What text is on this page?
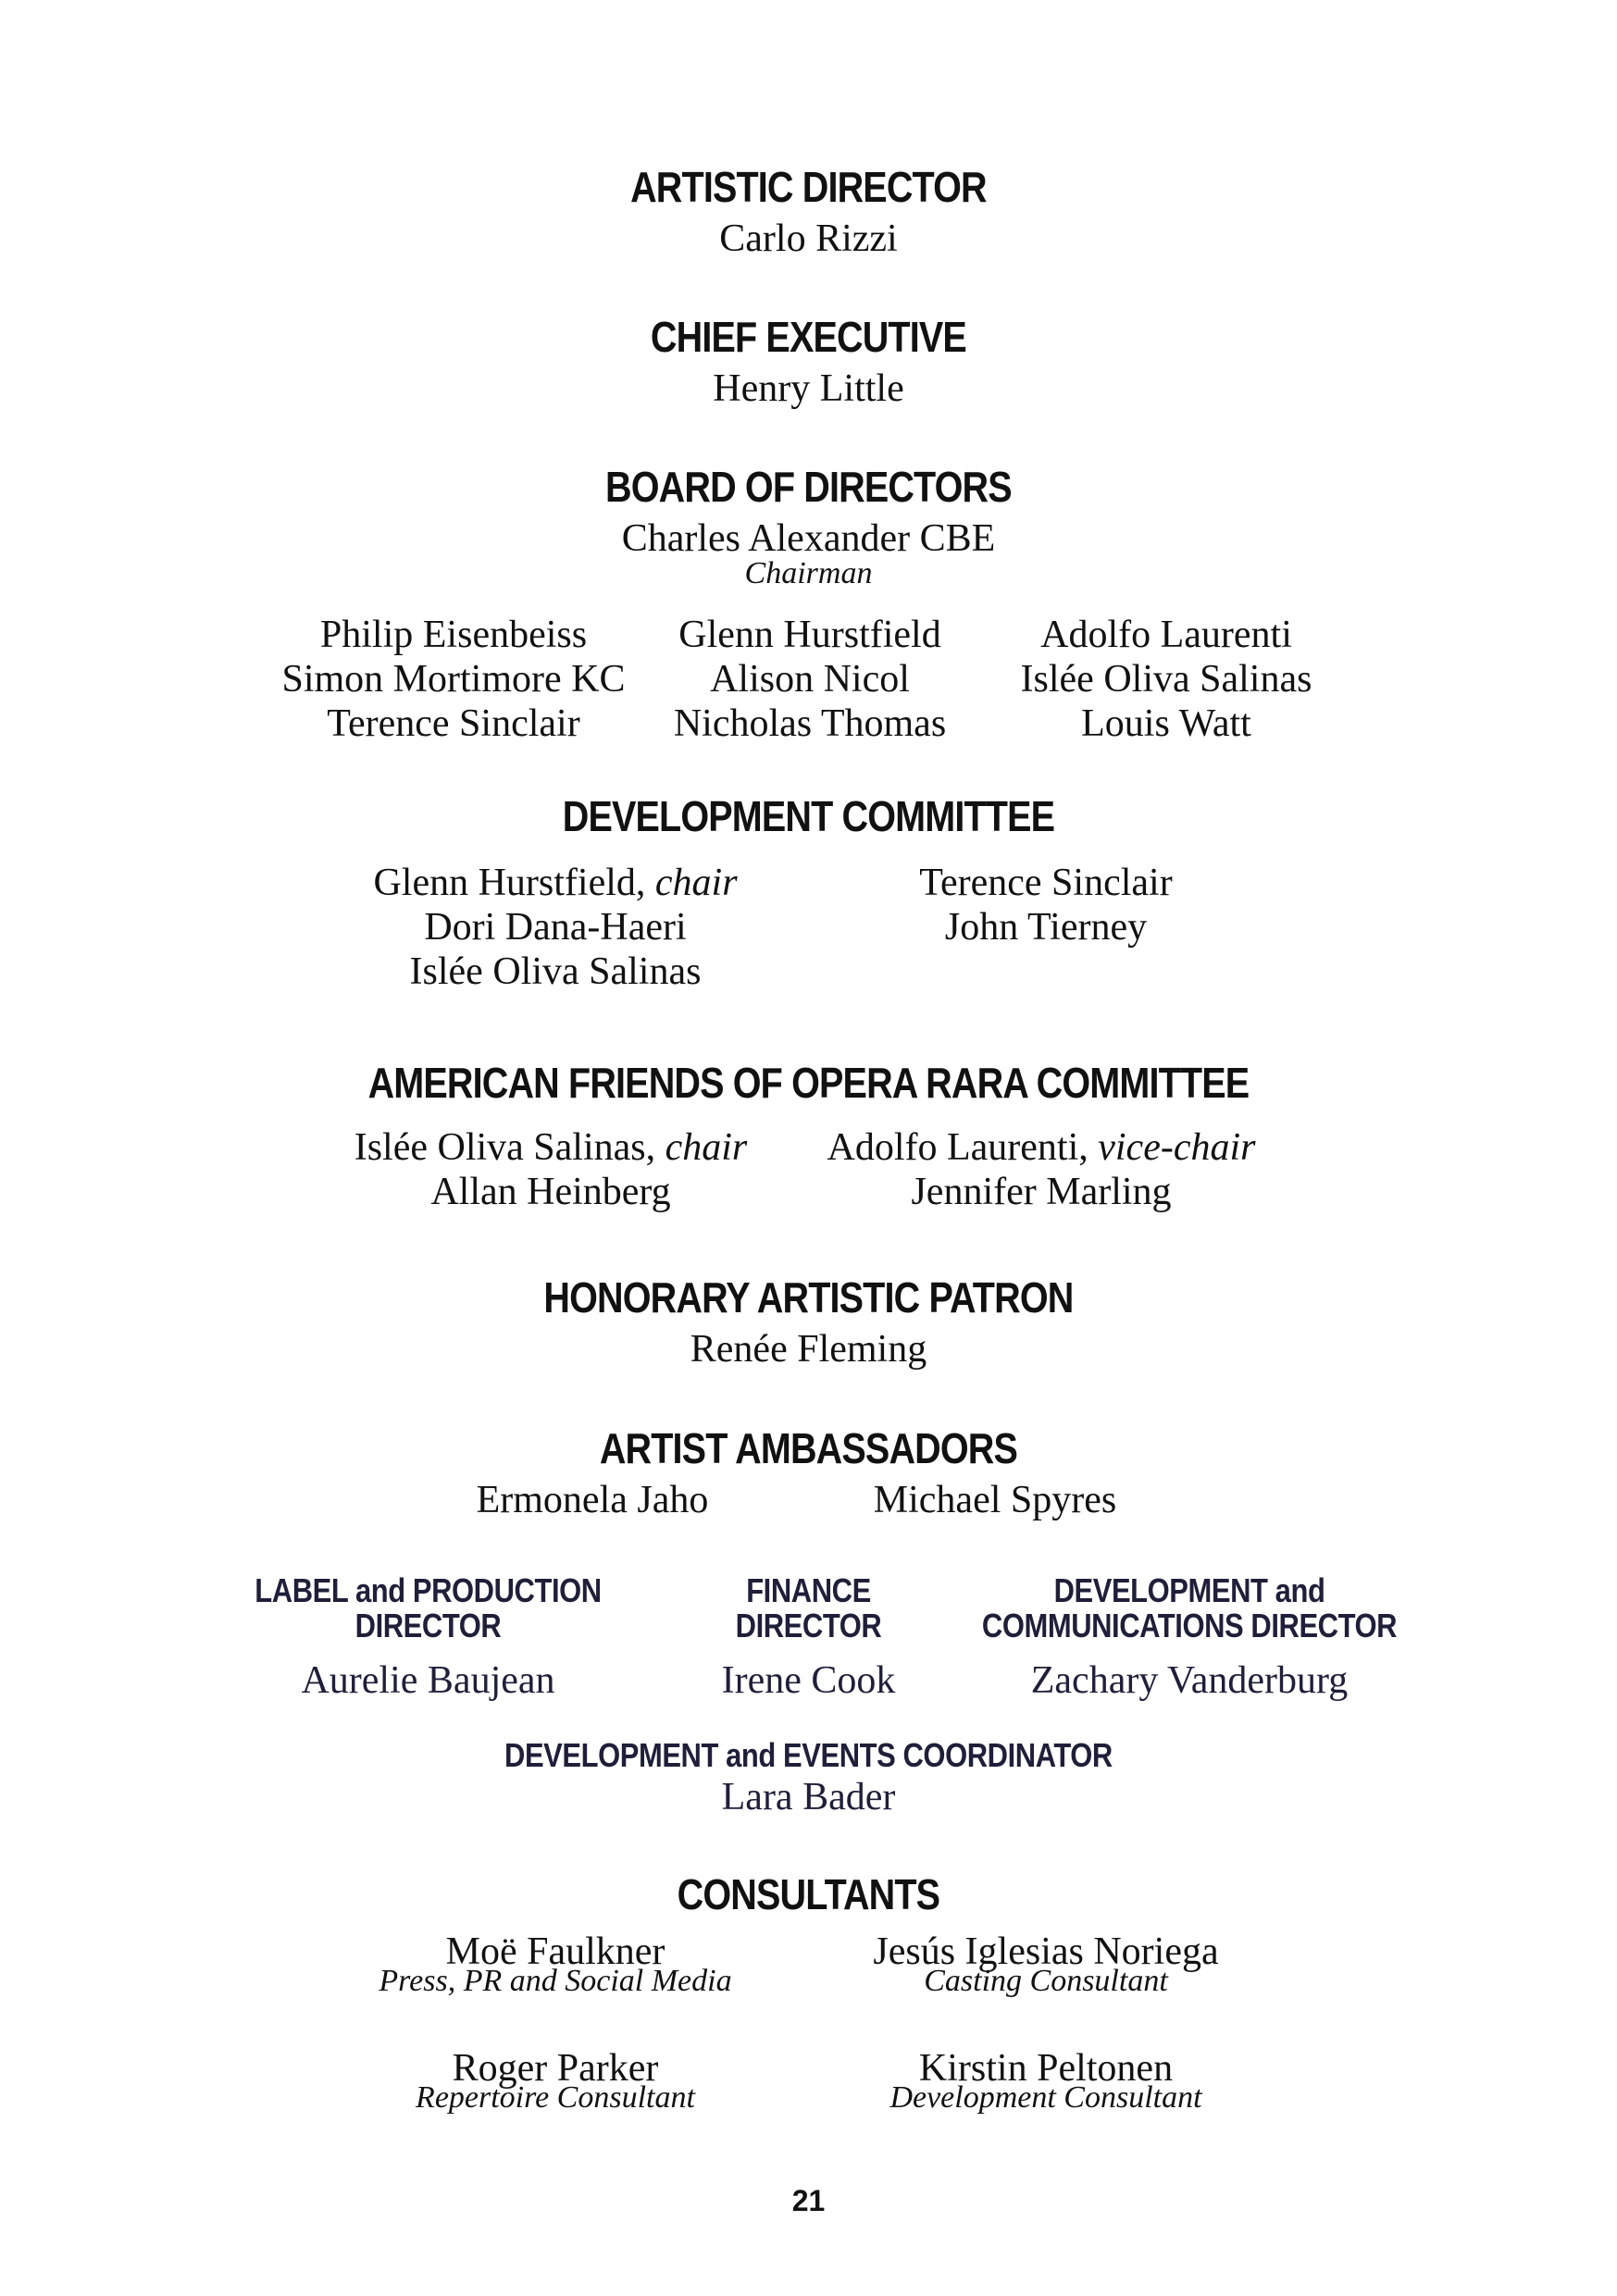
ARTISTIC DIRECTOR
Carlo Rizzi
CHIEF EXECUTIVE
Henry Little
BOARD OF DIRECTORS
Charles Alexander CBE
Chairman
Philip Eisenbeiss
Simon Mortimore KC
Terence Sinclair
Glenn Hurstfield
Alison Nicol
Nicholas Thomas
Adolfo Laurenti
Islée Oliva Salinas
Louis Watt
DEVELOPMENT COMMITTEE
Glenn Hurstfield, chair
Dori Dana-Haeri
Islée Oliva Salinas
Terence Sinclair
John Tierney
AMERICAN FRIENDS OF OPERA RARA COMMITTEE
Islée Oliva Salinas, chair
Allan Heinberg
Adolfo Laurenti, vice-chair
Jennifer Marling
HONORARY ARTISTIC PATRON
Renée Fleming
ARTIST AMBASSADORS
Ermonela Jaho	Michael Spyres
LABEL and PRODUCTION
DIRECTOR
Aurelie Baujean
FINANCE
DIRECTOR
Irene Cook
DEVELOPMENT and
COMMUNICATIONS DIRECTOR
Zachary Vanderburg
DEVELOPMENT and EVENTS COORDINATOR
Lara Bader
CONSULTANTS
Moë Faulkner
Press, PR and Social Media
Jesús Iglesias Noriega
Casting Consultant
Roger Parker
Repertoire Consultant
Kirstin Peltonen
Development Consultant
21
